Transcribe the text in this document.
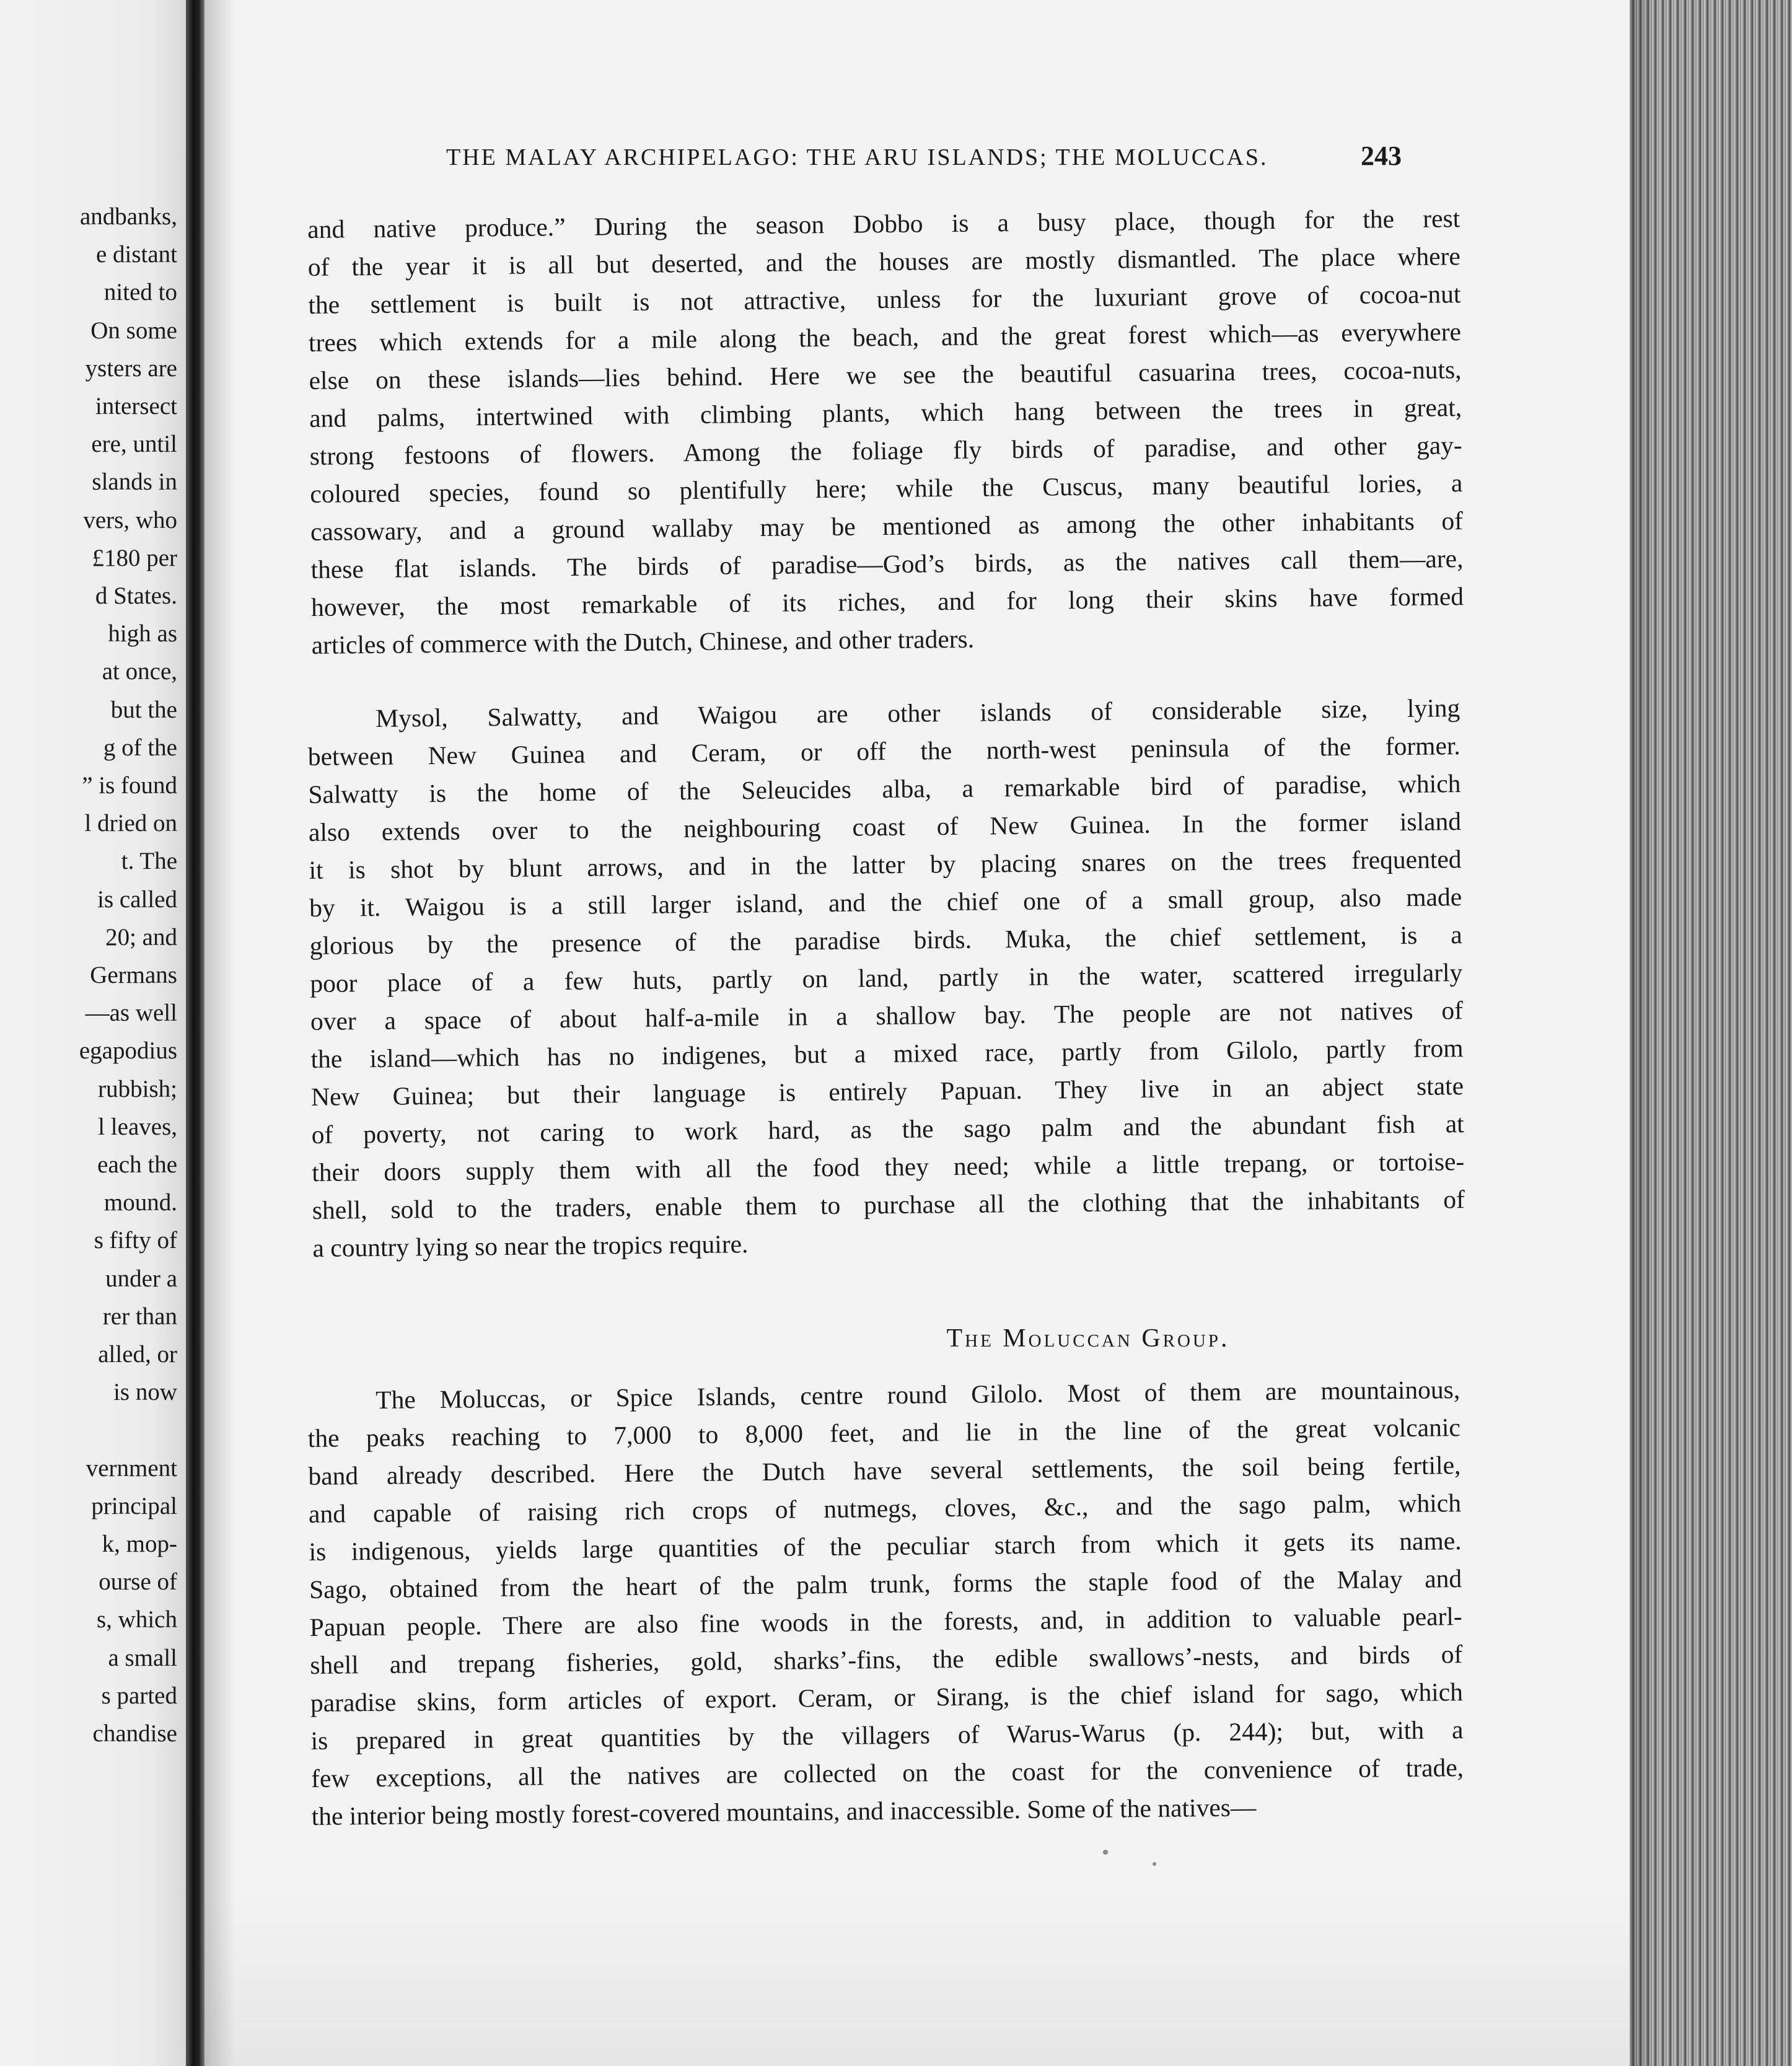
andbanks,
e distant
nited to
On some
ysters are
intersect
ere, until
slands in
vers, who
£180 per
d States.
high as
at once,
but the
g of the
” is found
l dried on
t. The
is called
20; and
Germans
—as well
egapodius
rubbish;
l leaves,
each the
mound.
s fifty of
under a
rer than
alled, or
is now
vernment
principal
k, mop-
ourse of
s, which
a small
s parted
chandise
THE MALAY ARCHIPELAGO: THE ARU ISLANDS; THE MOLUCCAS.	243
and native produce.” During the season Dobbo is a busy place, though for the rest
of the year it is all but deserted, and the houses are mostly dismantled. The place where
the settlement is built is not attractive, unless for the luxuriant grove of cocoa-nut
trees which extends for a mile along the beach, and the great forest which—as everywhere
else on these islands—lies behind. Here we see the beautiful casuarina trees, cocoa-nuts,
and palms, intertwined with climbing plants, which hang between the trees in great,
strong festoons of flowers. Among the foliage fly birds of paradise, and other gay-
coloured species, found so plentifully here; while the Cuscus, many beautiful lories, a
cassowary, and a ground wallaby may be mentioned as among the other inhabitants of
these flat islands. The birds of paradise—God’s birds, as the natives call them—are,
however, the most remarkable of its riches, and for long their skins have formed
articles of commerce with the Dutch, Chinese, and other traders.
Mysol, Salwatty, and Waigou are other islands of considerable size, lying
between New Guinea and Ceram, or off the north-west peninsula of the former.
Salwatty is the home of the Seleucides alba, a remarkable bird of paradise, which
also extends over to the neighbouring coast of New Guinea. In the former island
it is shot by blunt arrows, and in the latter by placing snares on the trees frequented
by it. Waigou is a still larger island, and the chief one of a small group, also made
glorious by the presence of the paradise birds. Muka, the chief settlement, is a
poor place of a few huts, partly on land, partly in the water, scattered irregularly
over a space of about half-a-mile in a shallow bay. The people are not natives of
the island—which has no indigenes, but a mixed race, partly from Gilolo, partly from
New Guinea; but their language is entirely Papuan. They live in an abject state
of poverty, not caring to work hard, as the sago palm and the abundant fish at
their doors supply them with all the food they need; while a little trepang, or tortoise-
shell, sold to the traders, enable them to purchase all the clothing that the inhabitants of
a country lying so near the tropics require.
The Moluccan Group.
The Moluccas, or Spice Islands, centre round Gilolo. Most of them are mountainous,
the peaks reaching to 7,000 to 8,000 feet, and lie in the line of the great volcanic
band already described. Here the Dutch have several settlements, the soil being fertile,
and capable of raising rich crops of nutmegs, cloves, &c., and the sago palm, which
is indigenous, yields large quantities of the peculiar starch from which it gets its name.
Sago, obtained from the heart of the palm trunk, forms the staple food of the Malay and
Papuan people. There are also fine woods in the forests, and, in addition to valuable pearl-
shell and trepang fisheries, gold, sharks’-fins, the edible swallows’-nests, and birds of
paradise skins, form articles of export. Ceram, or Sirang, is the chief island for sago, which
is prepared in great quantities by the villagers of Warus-Warus (p. 244); but, with a
few exceptions, all the natives are collected on the coast for the convenience of trade,
the interior being mostly forest-covered mountains, and inaccessible. Some of the natives—
